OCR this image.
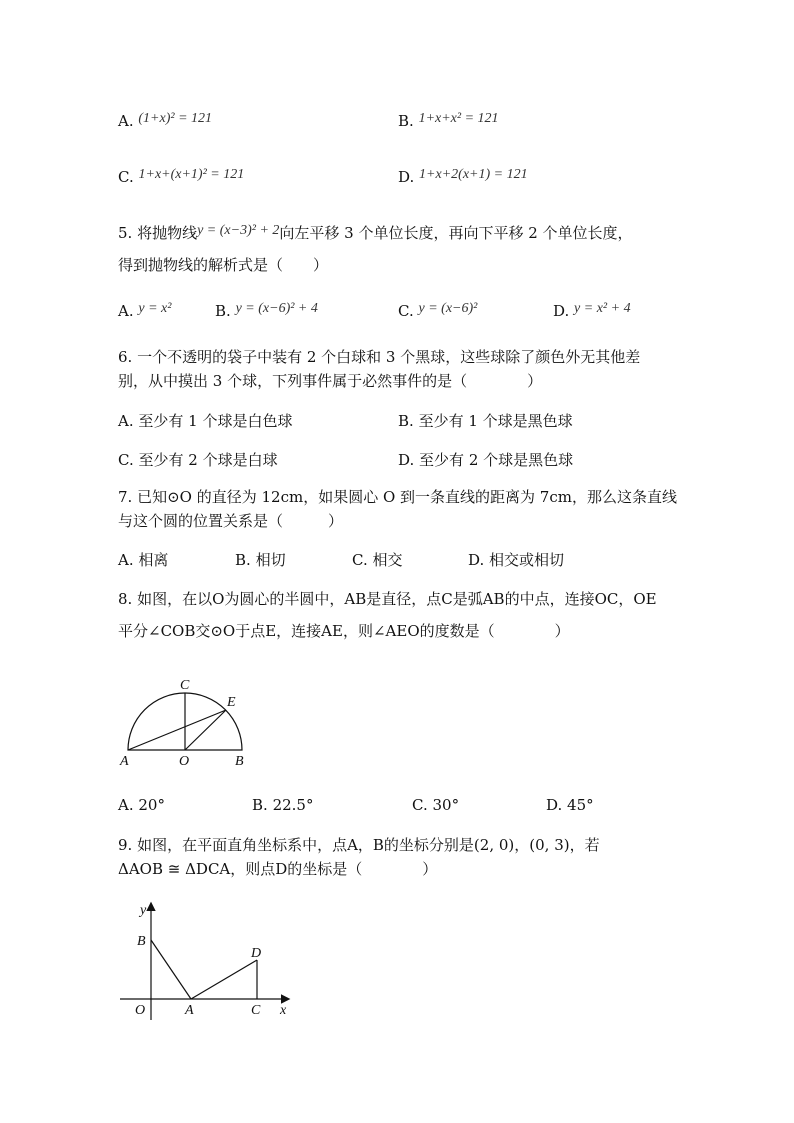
A. (1+x)² = 121	B. 1+x+x² = 121
C. 1+x+(x+1)² = 121	D. 1+x+2(x+1) = 121
5. 将抛物线y = (x−3)² + 2向左平移 3 个单位长度，再向下平移 2 个单位长度，
得到抛物线的解析式是（　　）
A. y = x²	B. y = (x−6)² + 4	C. y = (x−6)²	D. y = x² + 4
6. 一个不透明的袋子中装有 2 个白球和 3 个黑球，这些球除了颜色外无其他差
别，从中摸出 3 个球，下列事件属于必然事件的是（　　　　）
A. 至少有 1 个球是白色球	B. 至少有 1 个球是黑色球
C. 至少有 2 个球是白球	D. 至少有 2 个球是黑色球
7. 已知⊙O 的直径为 12cm，如果圆心 O 到一条直线的距离为 7cm，那么这条直线
与这个圆的位置关系是（　　　）
A. 相离	B. 相切	C. 相交	D. 相交或相切
8. 如图，在以O为圆心的半圆中，AB是直径，点C是弧AB的中点，连接OC，OE
平分∠COB交⊙O于点E，连接AE，则∠AEO的度数是（　　　　）
C
E
A	O	B
A. 20°	B. 22.5°	C. 30°	D. 45°
9. 如图，在平面直角坐标系中，点A，B的坐标分别是(2, 0)，(0, 3)，若
ΔAOB ≅ ΔDCA，则点D的坐标是（　　　　）
y
B
D
O	A	C x
